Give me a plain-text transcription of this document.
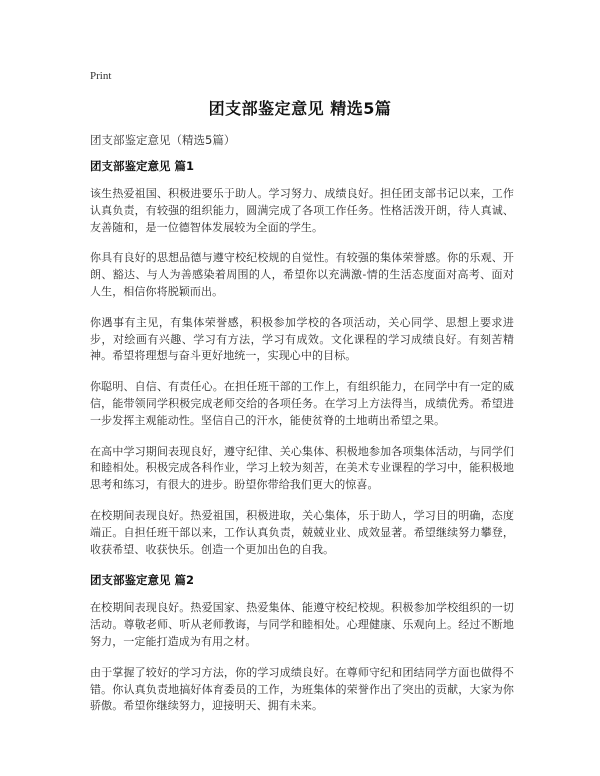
Print
团支部鉴定意见 精选5篇
团支部鉴定意见（精选5篇）
团支部鉴定意见 篇1

该生热爱祖国、积极进要乐于助人。学习努力、成绩良好。担任团支部书记以来，工作认真负责，有较强的组织能力，圆满完成了各项工作任务。性格活泼开朗，待人真诚、友善随和，是一位德智体发展较为全面的学生。

你具有良好的思想品德与遵守校纪校规的自觉性。有较强的集体荣誉感。你的乐观、开朗、豁达、与人为善感染着周围的人，希望你以充满激-情的生活态度面对高考、面对人生，相信你将脱颖而出。

你遇事有主见，有集体荣誉感，积极参加学校的各项活动，关心同学、思想上要求进步，对绘画有兴趣、学习有方法，学习有成效。文化课程的学习成绩良好。有刻苦精神。希望将理想与奋斗更好地统一，实现心中的目标。

你聪明、自信、有责任心。在担任班干部的工作上，有组织能力，在同学中有一定的威信，能带领同学积极完成老师交给的各项任务。在学习上方法得当，成绩优秀。希望进一步发挥主观能动性。坚信自己的汗水，能使贫脊的土地萌出希望之果。

在高中学习期间表现良好，遵守纪律、关心集体、积极地参加各项集体活动，与同学们和睦相处。积极完成各科作业，学习上较为刻苦，在美术专业课程的学习中，能积极地思考和练习，有很大的进步。盼望你带给我们更大的惊喜。

在校期间表现良好。热爱祖国，积极进取，关心集体，乐于助人，学习目的明确，态度端正。自担任班干部以来，工作认真负责，兢兢业业、成效显著。希望继续努力攀登，收获希望、收获快乐。创造一个更加出色的自我。

团支部鉴定意见 篇2

在校期间表现良好。热爱国家、热爱集体、能遵守校纪校规。积极参加学校组织的一切活动。尊敬老师、听从老师教诲，与同学和睦相处。心理健康、乐观向上。经过不断地努力，一定能打造成为有用之材。

由于掌握了较好的学习方法，你的学习成绩良好。在尊师守纪和团结同学方面也做得不错。你认真负责地搞好体育委员的工作，为班集体的荣誉作出了突出的贡献，大家为你骄傲。希望你继续努力，迎接明天、拥有未来。
